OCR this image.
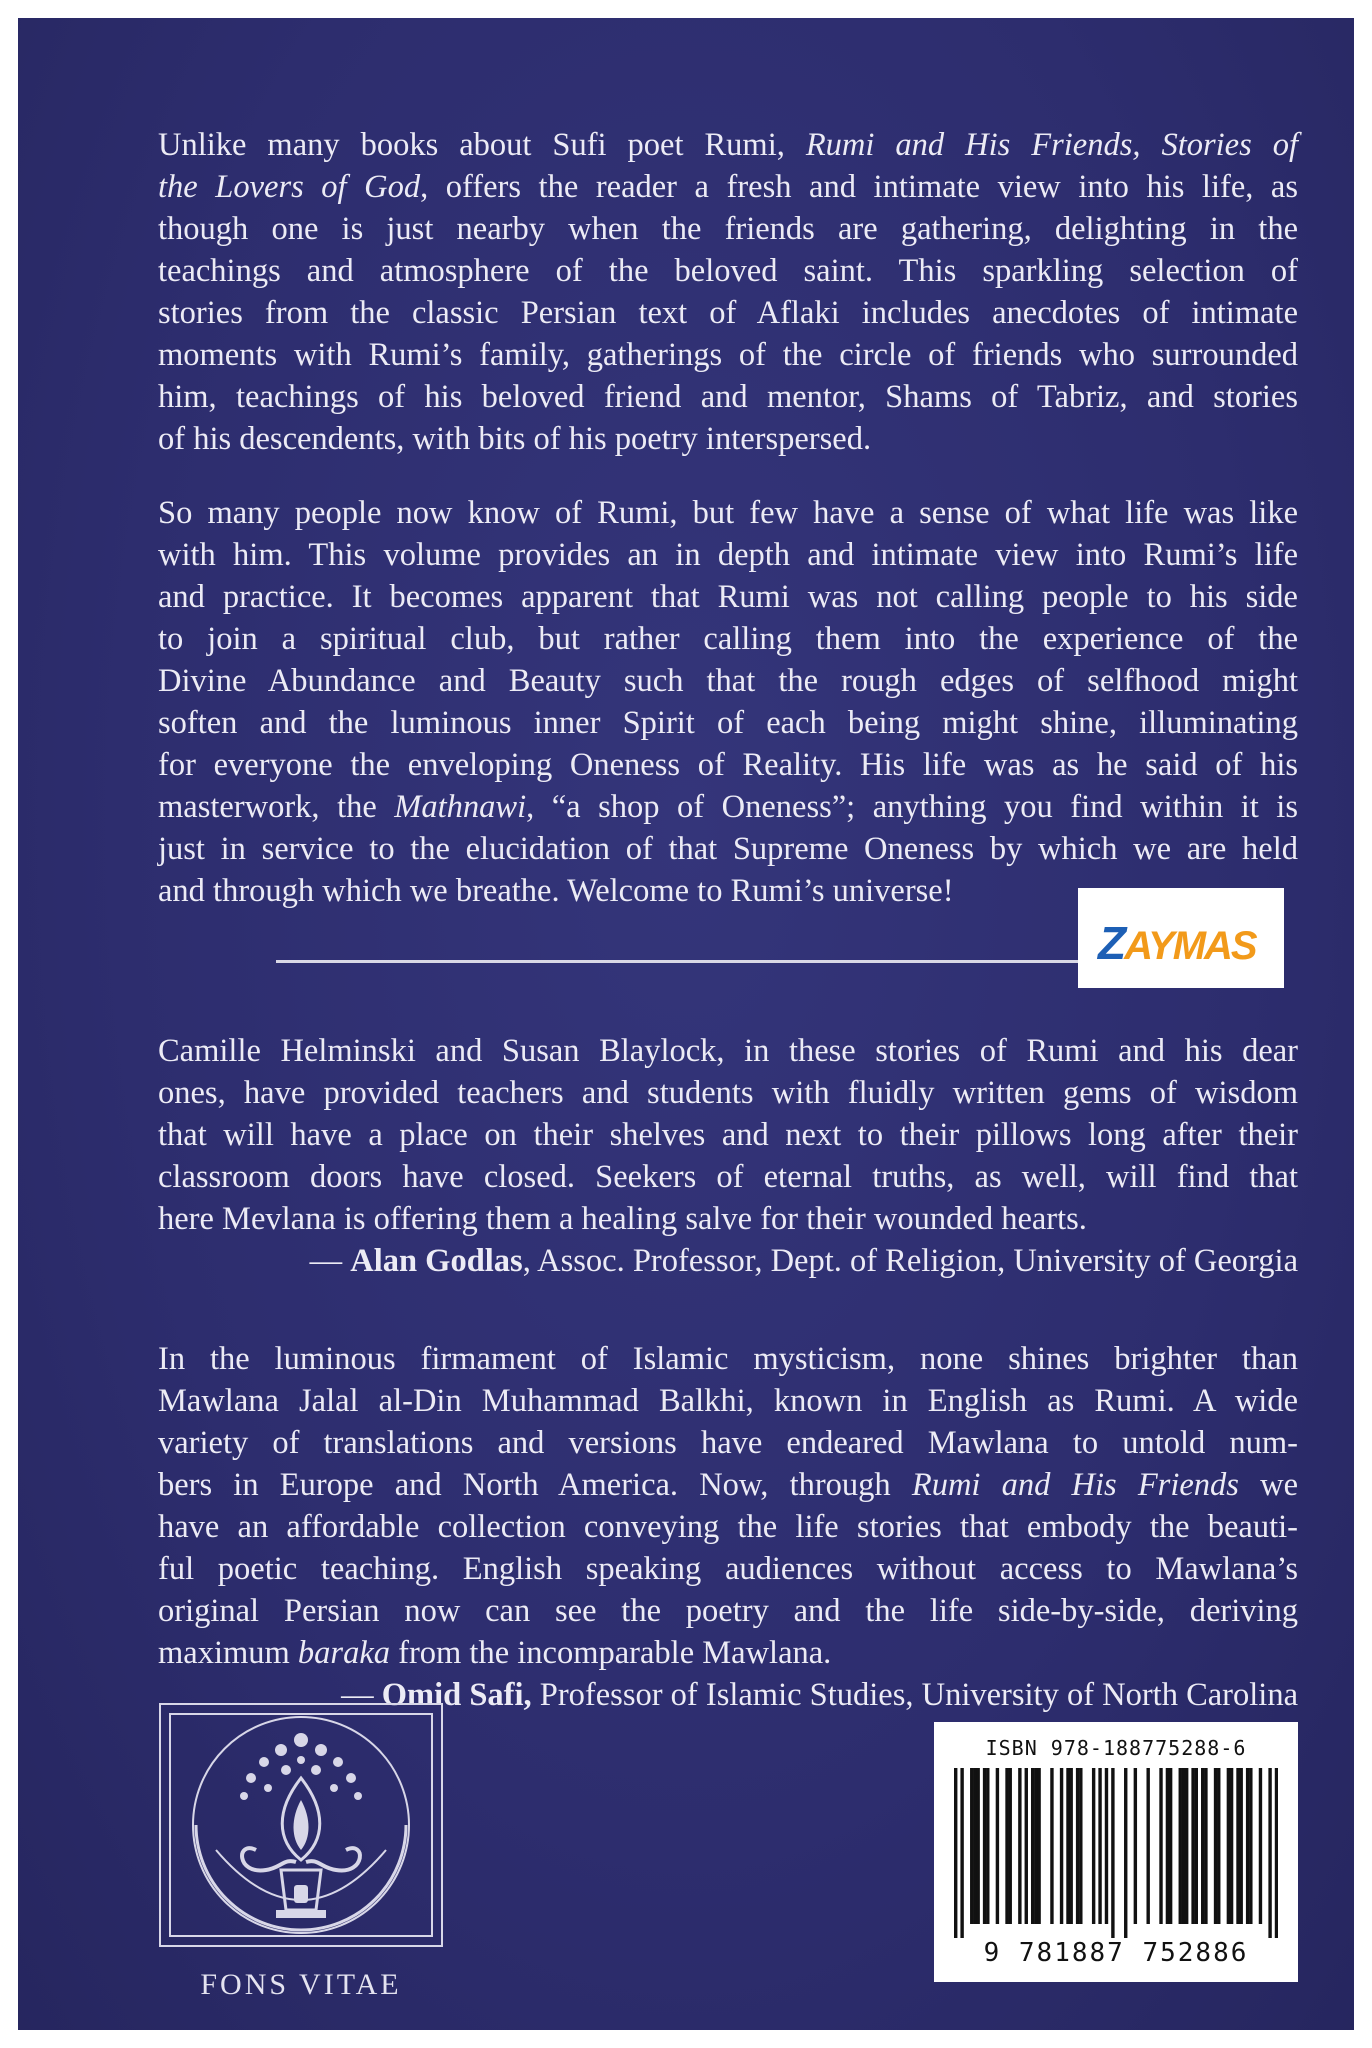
Unlike many books about Sufi poet Rumi, Rumi and His Friends, Stories of
the Lovers of God, offers the reader a fresh and intimate view into his life, as
though one is just nearby when the friends are gathering, delighting in the
teachings and atmosphere of the beloved saint. This sparkling selection of
stories from the classic Persian text of Aflaki includes anecdotes of intimate
moments with Rumi’s family, gatherings of the circle of friends who surrounded
him, teachings of his beloved friend and mentor, Shams of Tabriz, and stories
of his descendents, with bits of his poetry interspersed.
So many people now know of Rumi, but few have a sense of what life was like
with him. This volume provides an in depth and intimate view into Rumi’s life
and practice. It becomes apparent that Rumi was not calling people to his side
to join a spiritual club, but rather calling them into the experience of the
Divine Abundance and Beauty such that the rough edges of selfhood might
soften and the luminous inner Spirit of each being might shine, illuminating
for everyone the enveloping Oneness of Reality. His life was as he said of his
masterwork, the Mathnawi, “a shop of Oneness”; anything you find within it is
just in service to the elucidation of that Supreme Oneness by which we are held
and through which we breathe. Welcome to Rumi’s universe!
ZAYMAS
Camille Helminski and Susan Blaylock, in these stories of Rumi and his dear
ones, have provided teachers and students with fluidly written gems of wisdom
that will have a place on their shelves and next to their pillows long after their
classroom doors have closed. Seekers of eternal truths, as well, will find that
here Mevlana is offering them a healing salve for their wounded hearts.
— Alan Godlas, Assoc. Professor, Dept. of Religion, University of Georgia
In the luminous firmament of Islamic mysticism, none shines brighter than
Mawlana Jalal al-Din Muhammad Balkhi, known in English as Rumi. A wide
variety of translations and versions have endeared Mawlana to untold num-
bers in Europe and North America. Now, through Rumi and His Friends we
have an affordable collection conveying the life stories that embody the beauti-
ful poetic teaching. English speaking audiences without access to Mawlana’s
original Persian now can see the poetry and the life side-by-side, deriving
maximum baraka from the incomparable Mawlana.
— Omid Safi, Professor of Islamic Studies, University of North Carolina
FONS VITAE
ISBN 978-188775288-6
9 781887 752886
